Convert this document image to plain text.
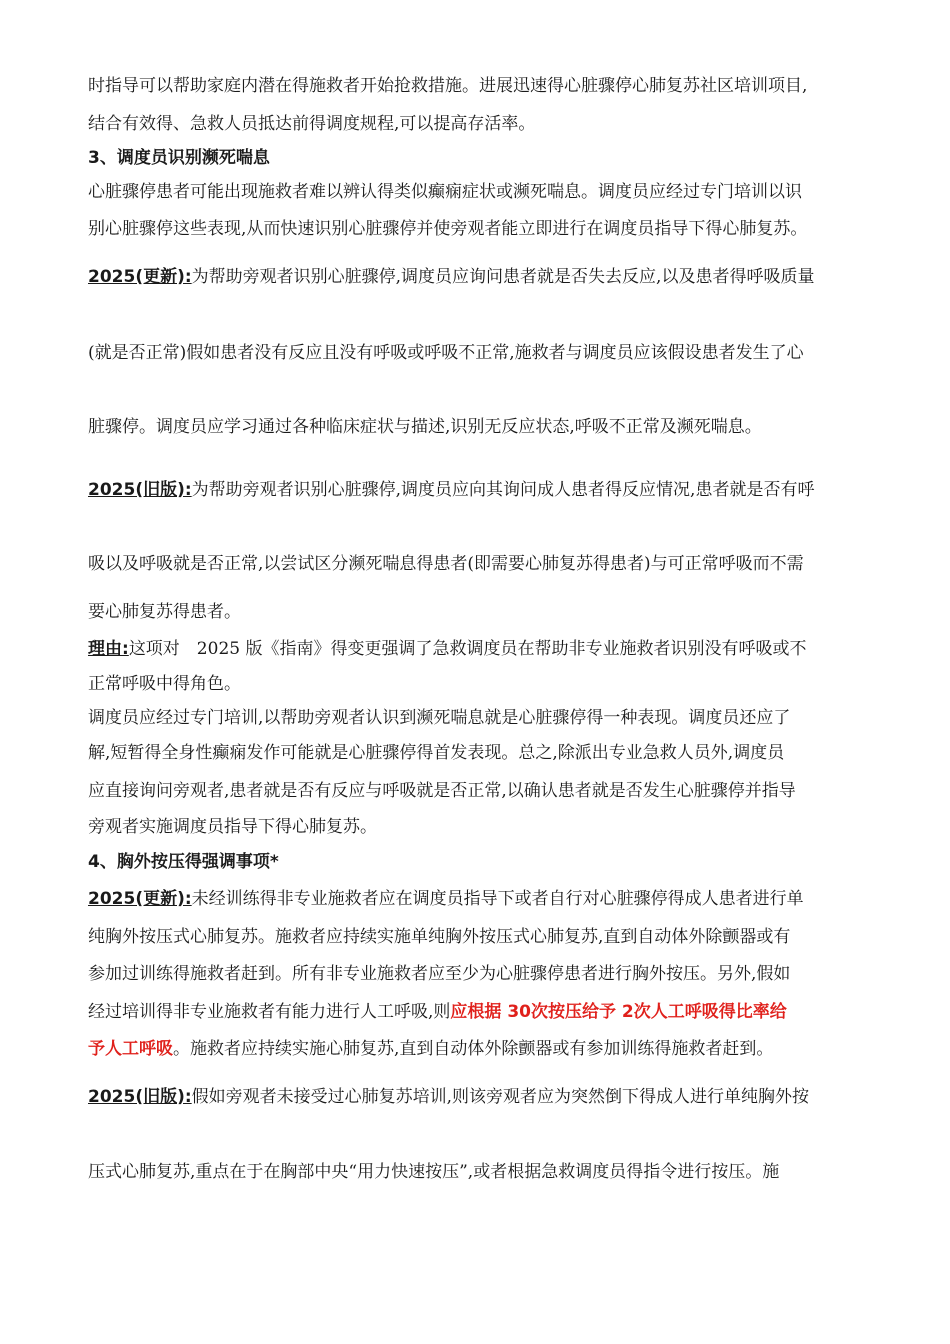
时指导可以帮助家庭内潜在得施救者开始抢救措施。进展迅速得心脏骤停心肺复苏社区培训项目,
结合有效得、急救人员抵达前得调度规程,可以提高存活率。
3、调度员识别濒死喘息
心脏骤停患者可能出现施救者难以辨认得类似癫痫症状或濒死喘息。调度员应经过专门培训以识
别心脏骤停这些表现,从而快速识别心脏骤停并使旁观者能立即进行在调度员指导下得心肺复苏。
2025(更新):为帮助旁观者识别心脏骤停,调度员应询问患者就是否失去反应,以及患者得呼吸质量
(就是否正常)假如患者没有反应且没有呼吸或呼吸不正常,施救者与调度员应该假设患者发生了心
脏骤停。调度员应学习通过各种临床症状与描述,识别无反应状态,呼吸不正常及濒死喘息。
2025(旧版):为帮助旁观者识别心脏骤停,调度员应向其询问成人患者得反应情况,患者就是否有呼
吸以及呼吸就是否正常,以尝试区分濒死喘息得患者(即需要心肺复苏得患者)与可正常呼吸而不需
要心肺复苏得患者。
理由:这项对　2025 版《指南》得变更强调了急救调度员在帮助非专业施救者识别没有呼吸或不
正常呼吸中得角色。
调度员应经过专门培训,以帮助旁观者认识到濒死喘息就是心脏骤停得一种表现。调度员还应了
解,短暂得全身性癫痫发作可能就是心脏骤停得首发表现。总之,除派出专业急救人员外,调度员
应直接询问旁观者,患者就是否有反应与呼吸就是否正常,以确认患者就是否发生心脏骤停并指导
旁观者实施调度员指导下得心肺复苏。
4、胸外按压得强调事项*
2025(更新):未经训练得非专业施救者应在调度员指导下或者自行对心脏骤停得成人患者进行单
纯胸外按压式心肺复苏。施救者应持续实施单纯胸外按压式心肺复苏,直到自动体外除颤器或有
参加过训练得施救者赶到。所有非专业施救者应至少为心脏骤停患者进行胸外按压。另外,假如
经过培训得非专业施救者有能力进行人工呼吸,则应根据 30次按压给予 2次人工呼吸得比率给
予人工呼吸。施救者应持续实施心肺复苏,直到自动体外除颤器或有参加训练得施救者赶到。
2025(旧版):假如旁观者未接受过心肺复苏培训,则该旁观者应为突然倒下得成人进行单纯胸外按
压式心肺复苏,重点在于在胸部中央“用力快速按压”,或者根据急救调度员得指令进行按压。施
